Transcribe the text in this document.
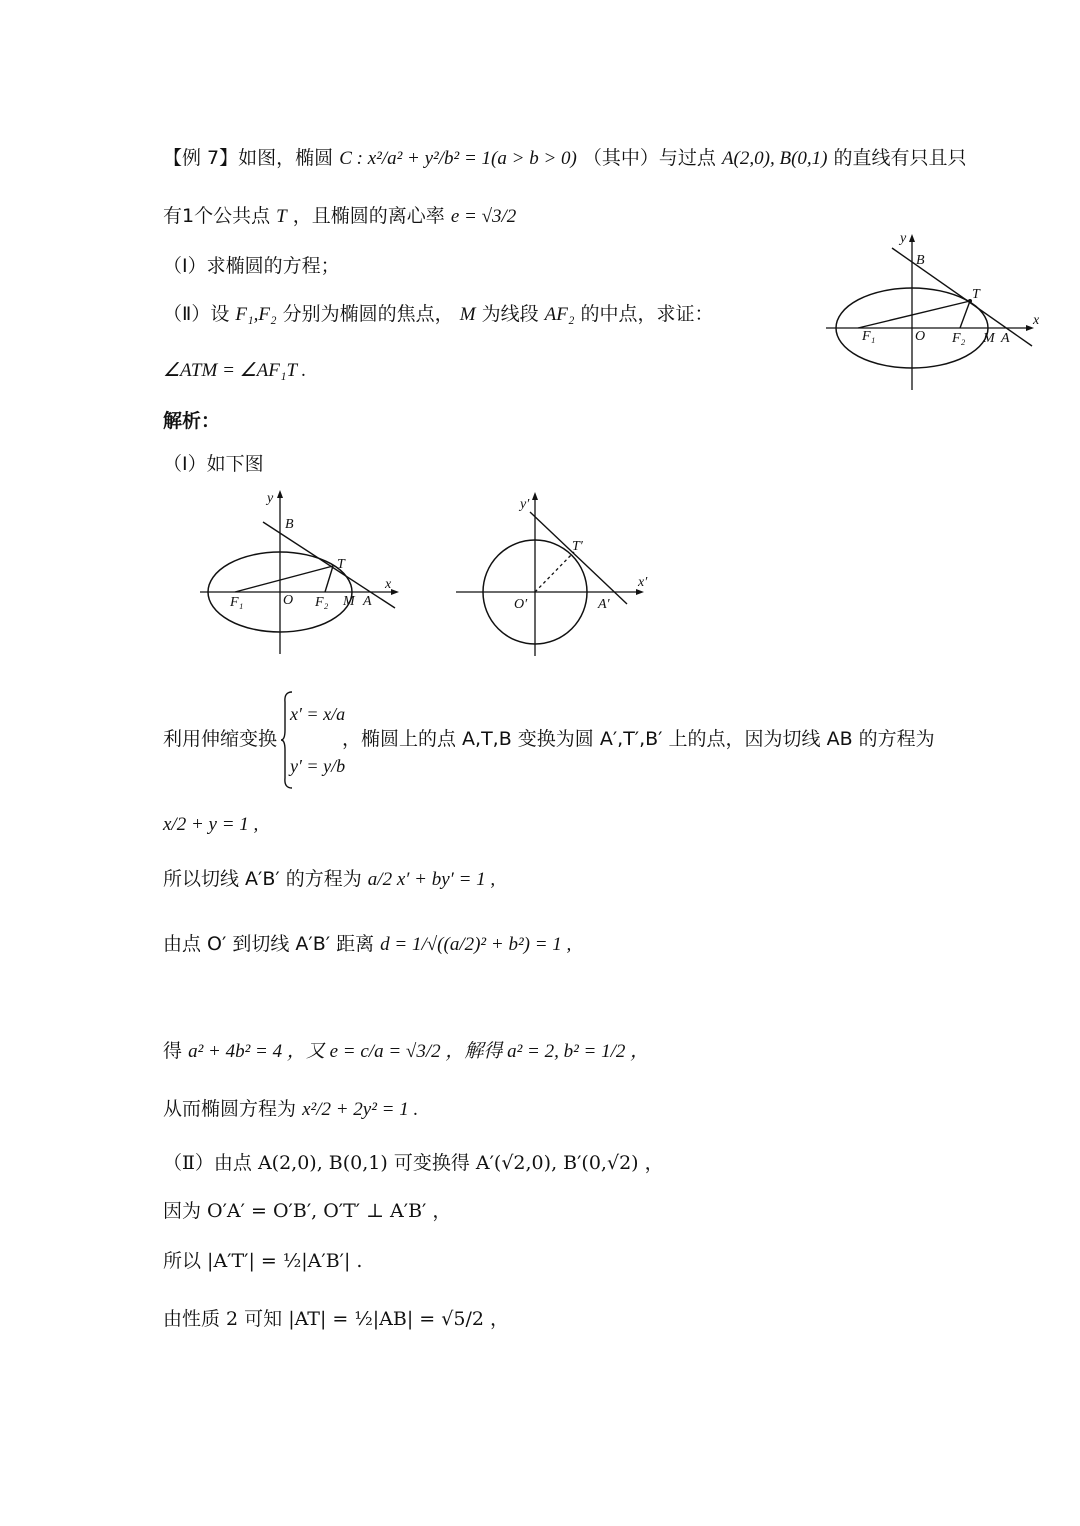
【例 7】如图，椭圆 C : x²/a² + y²/b² = 1(a > b > 0) （其中）与过点 A(2,0), B(0,1) 的直线有只且只
有1个公共点 T ，且椭圆的离心率 e = √3/2
（Ⅰ）求椭圆的方程；
（Ⅱ）设 F₁,F₂ 分别为椭圆的焦点， M 为线段 AF₂ 的中点，求证：
∠ATM = ∠AF₁T .
y
x
B
T
O
F₁	F₂ M A
解析：
（Ⅰ）如下图
y
x
B
T
O
F₁	F₂ M A
y′
x′
T′
O′	A′
利用伸缩变换
x′ = x/a
y′ = y/b
，椭圆上的点 A,T,B 变换为圆 A′,T′,B′ 上的点，因为切线 AB 的方程为
x/2 + y = 1 ,
所以切线 A′B′ 的方程为 a/2 x′ + by′ = 1 ,
由点 O′ 到切线 A′B′ 距离 d = 1/√((a/2)² + b²) = 1 ,
得 a² + 4b² = 4 ，又 e = c/a = √3/2 ，解得 a² = 2, b² = 1/2 ，
从而椭圆方程为 x²/2 + 2y² = 1 .
（Ⅱ）由点 A(2,0), B(0,1) 可变换得 A′(√2,0), B′(0,√2) ，
因为 O′A′ = O′B′, O′T′ ⊥ A′B′ ，
所以 |A′T′| = ½|A′B′| .
由性质 2 可知 |AT| = ½|AB| = √5/2 ，
